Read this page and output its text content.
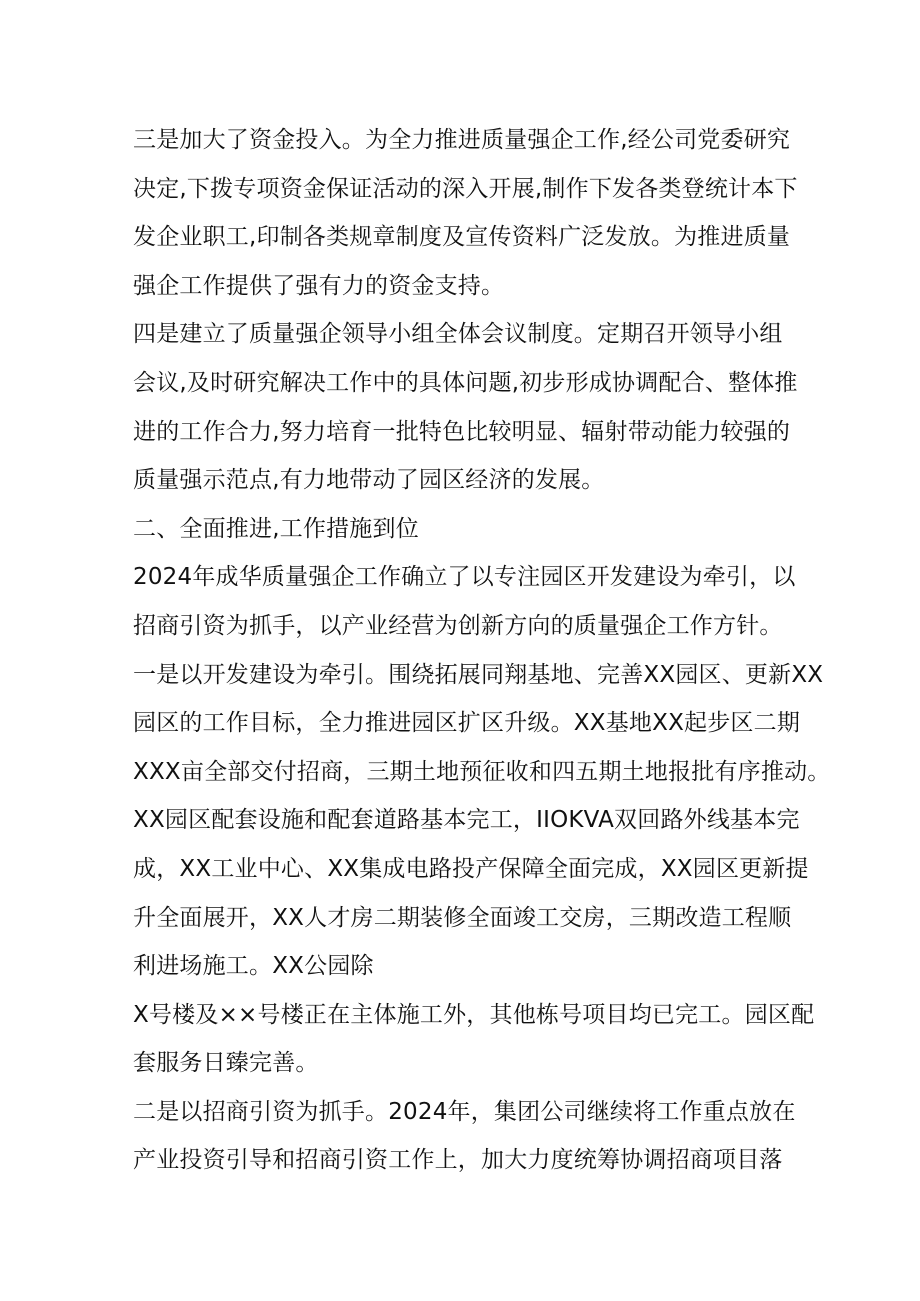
三是加大了资金投入。为全力推进质量强企工作,经公司党委研究
决定,下拨专项资金保证活动的深入开展,制作下发各类登统计本下
发企业职工,印制各类规章制度及宣传资料广泛发放。为推进质量
强企工作提供了强有力的资金支持。
四是建立了质量强企领导小组全体会议制度。定期召开领导小组
会议,及时研究解决工作中的具体问题,初步形成协调配合、整体推
进的工作合力,努力培育一批特色比较明显、辐射带动能力较强的
质量强示范点,有力地带动了园区经济的发展。
二、全面推进,工作措施到位
2024年成华质量强企工作确立了以专注园区开发建设为牵引，以
招商引资为抓手，以产业经营为创新方向的质量强企工作方针。
一是以开发建设为牵引。围绕拓展同翔基地、完善XX园区、更新XX
园区的工作目标，全力推进园区扩区升级。XX基地XX起步区二期
XXX亩全部交付招商，三期土地预征收和四五期土地报批有序推动。
XX园区配套设施和配套道路基本完工，IIOKVA双回路外线基本完
成，XX工业中心、XX集成电路投产保障全面完成，XX园区更新提
升全面展开，XX人才房二期装修全面竣工交房，三期改造工程顺
利进场施工。XX公园除
X号楼及××号楼正在主体施工外，其他栋号项目均已完工。园区配
套服务日臻完善。
二是以招商引资为抓手。2024年，集团公司继续将工作重点放在
产业投资引导和招商引资工作上，加大力度统筹协调招商项目落
